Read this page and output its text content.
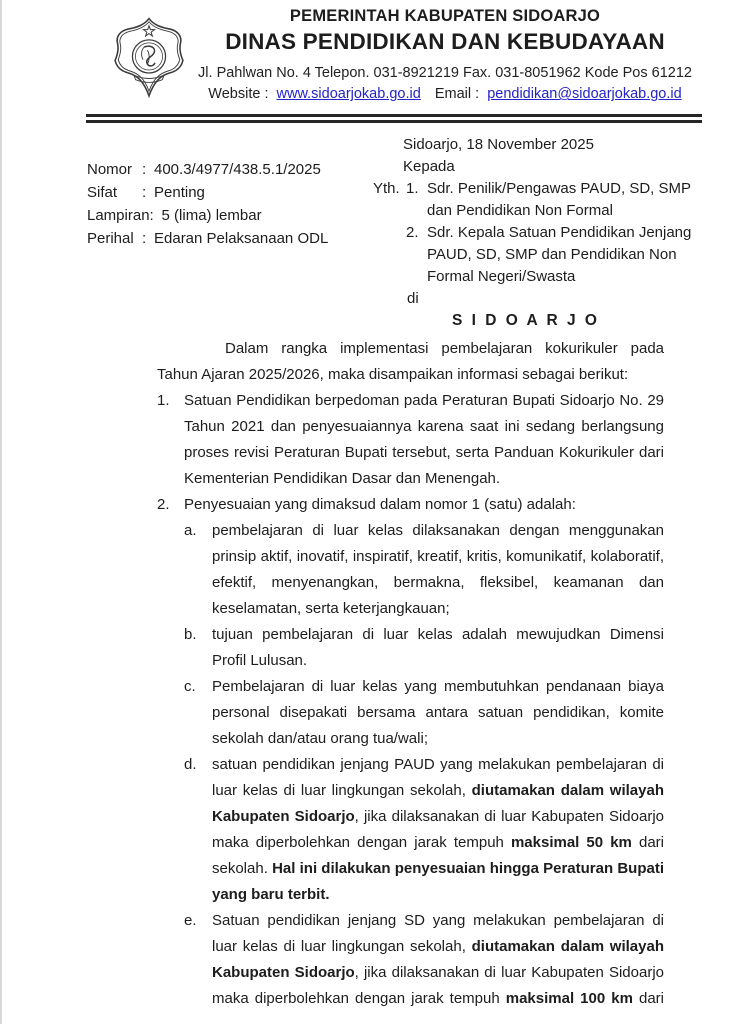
PEMERINTAH KABUPATEN SIDOARJO
DINAS PENDIDIKAN DAN KEBUDAYAAN
Jl. Pahlwan No. 4 Telepon. 031-8921219 Fax. 031-8051962 Kode Pos 61212
Website : www.sidoarjokab.go.id Email : pendidikan@sidoarjokab.go.id
Nomor : 400.3/4977/438.5.1/2025
Sifat	: Penting
Lampiran : 5 (lima) lembar
Perihal : Edaran Pelaksanaan ODL
Sidoarjo, 18 November 2025
Kepada
Yth. 1. Sdr. Penilik/Pengawas PAUD, SD, SMP
dan Pendidikan Non Formal
2. Sdr. Kepala Satuan Pendidikan Jenjang
PAUD, SD, SMP dan Pendidikan Non
Formal Negeri/Swasta
di
S I D O A R J O

Dalam rangka implementasi pembelajaran kokurikuler pada Tahun Ajaran 2025/2026, maka disampaikan informasi sebagai berikut:

1. Satuan Pendidikan berpedoman pada Peraturan Bupati Sidoarjo No. 29 Tahun 2021 dan penyesuaiannya karena saat ini sedang berlangsung proses revisi Peraturan Bupati tersebut, serta Panduan Kokurikuler dari Kementerian Pendidikan Dasar dan Menengah.
2. Penyesuaian yang dimaksud dalam nomor 1 (satu) adalah:
a.	pembelajaran di luar kelas dilaksanakan dengan menggunakan prinsip aktif, inovatif, inspiratif, kreatif, kritis, komunikatif, kolaboratif, efektif, menyenangkan, bermakna, fleksibel, keamanan dan keselamatan, serta keterjangkauan;
b.	tujuan pembelajaran di luar kelas adalah mewujudkan Dimensi Profil Lulusan.
c.	Pembelajaran di luar kelas yang membutuhkan pendanaan biaya personal disepakati bersama antara satuan pendidikan, komite sekolah dan/atau orang tua/wali;
d.	satuan pendidikan jenjang PAUD yang melakukan pembelajaran di luar kelas di luar lingkungan sekolah, diutamakan dalam wilayah Kabupaten Sidoarjo, jika dilaksanakan di luar Kabupaten Sidoarjo maka diperbolehkan dengan jarak tempuh maksimal 50 km dari sekolah. Hal ini dilakukan penyesuaian hingga Peraturan Bupati yang baru terbit.
e.	Satuan pendidikan jenjang SD yang melakukan pembelajaran di luar kelas di luar lingkungan sekolah, diutamakan dalam wilayah Kabupaten Sidoarjo, jika dilaksanakan di luar Kabupaten Sidoarjo maka diperbolehkan dengan jarak tempuh maksimal 100 km dari
